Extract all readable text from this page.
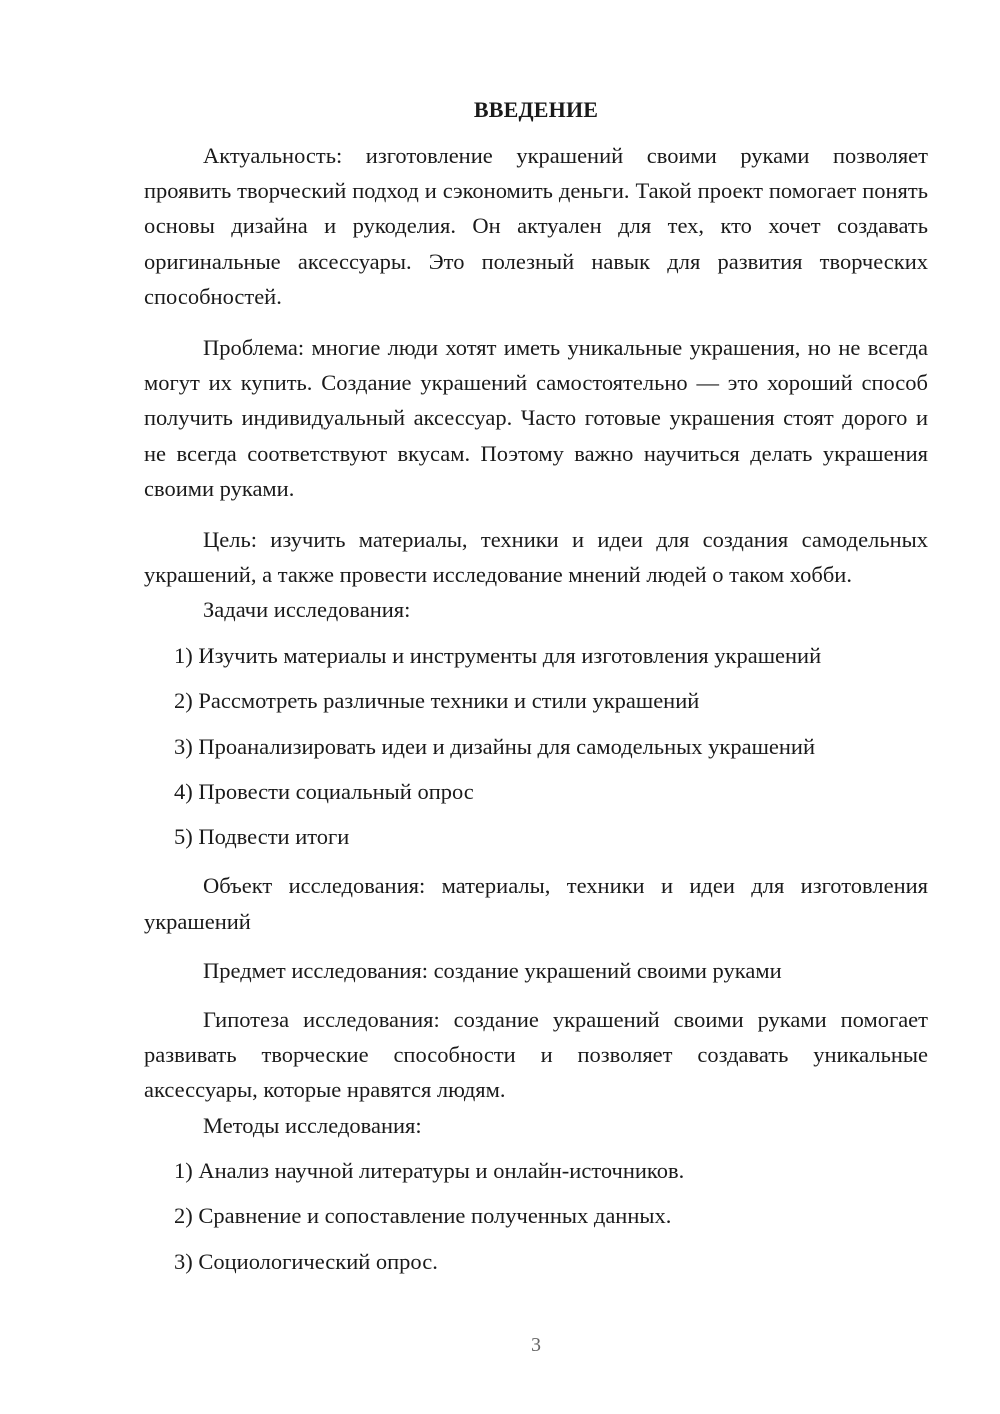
ВВЕДЕНИЕ

Актуальность: изготовление украшений своими руками позволяет проявить творческий подход и сэкономить деньги. Такой проект помогает понять основы дизайна и рукоделия. Он актуален для тех, кто хочет создавать оригинальные аксессуары. Это полезный навык для развития творческих способностей.

Проблема: многие люди хотят иметь уникальные украшения, но не всегда могут их купить. Создание украшений самостоятельно — это хороший способ получить индивидуальный аксессуар. Часто готовые украшения стоят дорого и не всегда соответствуют вкусам. Поэтому важно научиться делать украшения своими руками.

Цель: изучить материалы, техники и идеи для создания самодельных украшений, а также провести исследование мнений людей о таком хобби.

Задачи исследования:

1) Изучить материалы и инструменты для изготовления украшений
2) Рассмотреть различные техники и стили украшений
3) Проанализировать идеи и дизайны для самодельных украшений
4) Провести социальный опрос
5) Подвести итоги

Объект исследования: материалы, техники и идеи для изготовления украшений

Предмет исследования: создание украшений своими руками

Гипотеза исследования: создание украшений своими руками помогает развивать творческие способности и позволяет создавать уникальные аксессуары, которые нравятся людям.

Методы исследования:

1) Анализ научной литературы и онлайн-источников.
2) Сравнение и сопоставление полученных данных.
3) Социологический опрос.
3
